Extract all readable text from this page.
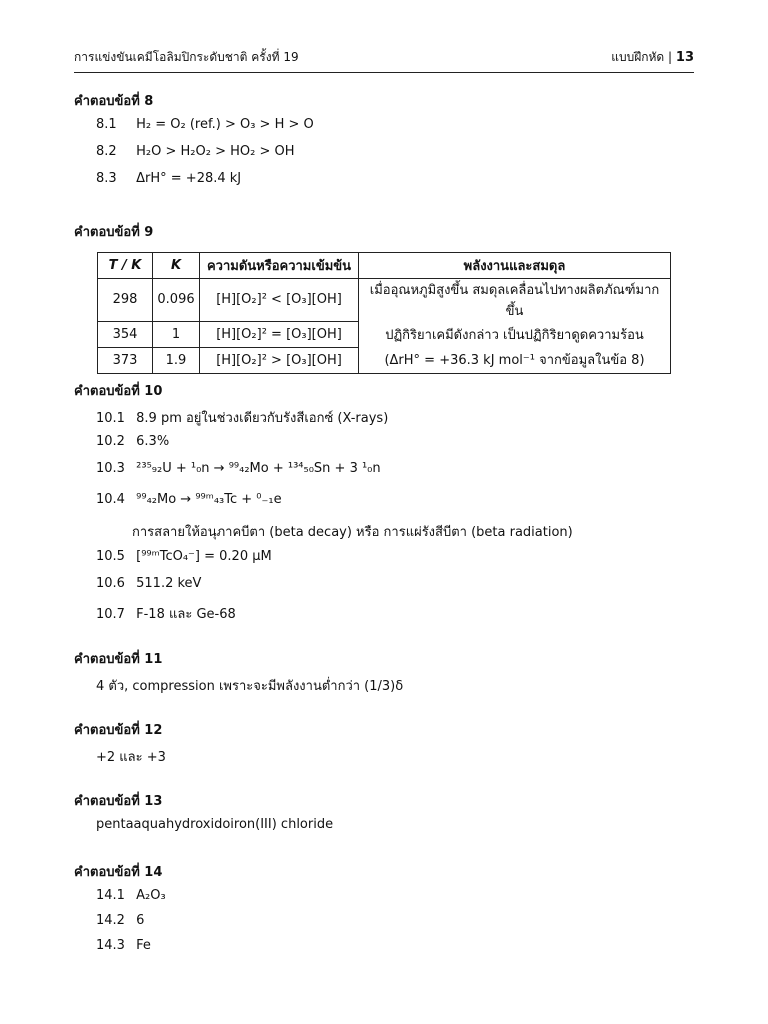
การแข่งขันเคมีโอลิมปิกระดับชาติ ครั้งที่ 19	แบบฝึกหัด | 13
คำตอบข้อที่ 8
8.1 H₂ = O₂ (ref.) > O₃ > H > O
8.2 H₂O > H₂O₂ > HO₂ > OH
8.3 ΔrH° = +28.4 kJ
คำตอบข้อที่ 9
T / K	K	ความดันหรือความเข้มข้น	พลังงานและสมดุล
298	0.096	[H][O₂]² < [O₃][OH]	เมื่ออุณหภูมิสูงขึ้น สมดุลเคลื่อนไปทางผลิตภัณฑ์มากขึ้น
354	1	[H][O₂]² = [O₃][OH]	ปฏิกิริยาเคมีดังกล่าว เป็นปฏิกิริยาดูดความร้อน
373	1.9	[H][O₂]² > [O₃][OH]	(ΔrH° = +36.3 kJ mol⁻¹ จากข้อมูลในข้อ 8)
คำตอบข้อที่ 10
10.1 8.9 pm อยู่ในช่วงเดียวกับรังสีเอกซ์ (X-rays)
10.2 6.3%
10.3 ²³⁵₉₂U + ¹₀n → ⁹⁹₄₂Mo + ¹³⁴₅₀Sn + 3 ¹₀n
10.4 ⁹⁹₄₂Mo → ⁹⁹ᵐ₄₃Tc + ⁰₋₁e
การสลายให้อนุภาคบีตา (beta decay) หรือ การแผ่รังสีบีตา (beta radiation)
10.5 [⁹⁹ᵐTcO₄⁻] = 0.20 μM
10.6 511.2 keV
10.7 F-18 และ Ge-68
คำตอบข้อที่ 11
4 ตัว, compression เพราะจะมีพลังงานต่ำกว่า (1/3)δ
คำตอบข้อที่ 12
+2 และ +3
คำตอบข้อที่ 13
pentaaquahydroxidoiron(III) chloride
คำตอบข้อที่ 14
14.1 A₂O₃
14.2 6
14.3 Fe
